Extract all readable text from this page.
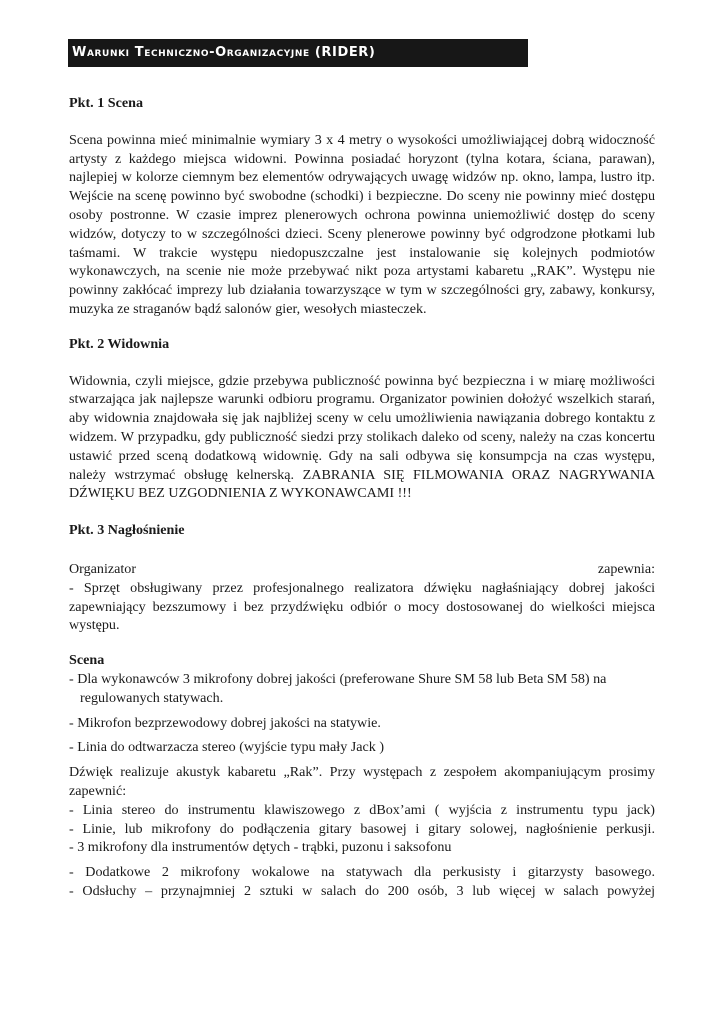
Warunki Techniczno-Organizacyjne (RIDER)

Pkt. 1 Scena

Scena powinna mieć minimalnie wymiary 3 x 4 metry o wysokości umożliwiającej dobrą widoczność artysty z każdego miejsca widowni. Powinna posiadać horyzont (tylna kotara, ściana, parawan), najlepiej w kolorze ciemnym bez elementów odrywających uwagę widzów np. okno, lampa, lustro itp. Wejście na scenę powinno być swobodne (schodki) i bezpieczne. Do sceny nie powinny mieć dostępu osoby postronne. W czasie imprez plenerowych ochrona powinna uniemożliwić dostęp do sceny widzów, dotyczy to w szczególności dzieci. Sceny plenerowe powinny być odgrodzone płotkami lub taśmami. W trakcie występu niedopuszczalne jest instalowanie się kolejnych podmiotów wykonawczych, na scenie nie może przebywać nikt poza artystami kabaretu „RAK”. Występu nie powinny zakłócać imprezy lub działania towarzyszące w tym w szczególności gry, zabawy, konkursy, muzyka ze straganów bądź salonów gier, wesołych miasteczek.

Pkt. 2 Widownia

Widownia, czyli miejsce, gdzie przebywa publiczność powinna być bezpieczna i w miarę możliwości stwarzająca jak najlepsze warunki odbioru programu. Organizator powinien dołożyć wszelkich starań, aby widownia znajdowała się jak najbliżej sceny w celu umożliwienia nawiązania dobrego kontaktu z widzem. W przypadku, gdy publiczność siedzi przy stolikach daleko od sceny, należy na czas koncertu ustawić przed sceną dodatkową widownię. Gdy na sali odbywa się konsumpcja na czas występu, należy wstrzymać obsługę kelnerską. ZABRANIA SIĘ FILMOWANIA ORAZ NAGRYWANIA DŹWIĘKU BEZ UZGODNIENIA Z WYKONAWCAMI !!!

Pkt. 3 Nagłośnienie

Organizator	zapewnia:

- Sprzęt obsługiwany przez profesjonalnego realizatora dźwięku nagłaśniający dobrej jakości zapewniający bezszumowy i bez przydźwięku odbiór o mocy dostosowanej do wielkości miejsca występu.

Scena

- Dla wykonawców 3 mikrofony dobrej jakości (preferowane Shure SM 58 lub Beta SM 58) na regulowanych statywach.

- Mikrofon bezprzewodowy dobrej jakości na statywie.

- Linia do odtwarzacza stereo (wyjście typu mały Jack )

Dźwięk realizuje akustyk kabaretu „Rak”. Przy występach z zespołem akompaniującym prosimy zapewnić:

- Linia stereo do instrumentu klawiszowego z dBox’ami ( wyjścia z instrumentu typu jack)

- Linie, lub mikrofony do podłączenia gitary basowej i gitary solowej, nagłośnienie perkusji.

- 3 mikrofony dla instrumentów dętych - trąbki, puzonu i saksofonu

- Dodatkowe 2 mikrofony wokalowe na statywach dla perkusisty i gitarzysty basowego.

- Odsłuchy – przynajmniej 2 sztuki w salach do 200 osób, 3 lub więcej w salach powyżej
